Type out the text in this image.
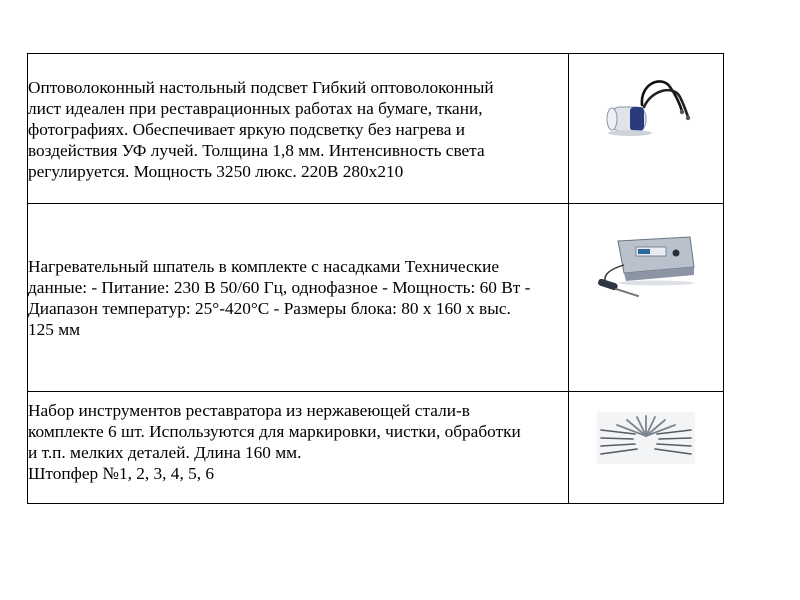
Оптоволоконный настольный подсвет Гибкий оптоволоконный
лист идеален при реставрационных работах на бумаге, ткани,
фотографиях. Обеспечивает яркую подсветку без нагрева и
воздействия УФ лучей. Толщина 1,8 мм. Интенсивность света
регулируется. Мощность 3250 люкс. 220В 280х210

Нагревательный шпатель в комплекте с насадками Технические
данные: - Питание: 230 В 50/60 Гц, однофазное - Мощность: 60 Вт -
Диапазон температур: 25°-420°C - Размеры блока: 80 х 160 х выс.
125 мм

Набор инструментов реставратора из нержавеющей стали-в
комплекте 6 шт. Используются для маркировки, чистки, обработки
и т.п. мелких деталей. Длина 160 мм.
Штопфер №1, 2, 3, 4, 5, 6
